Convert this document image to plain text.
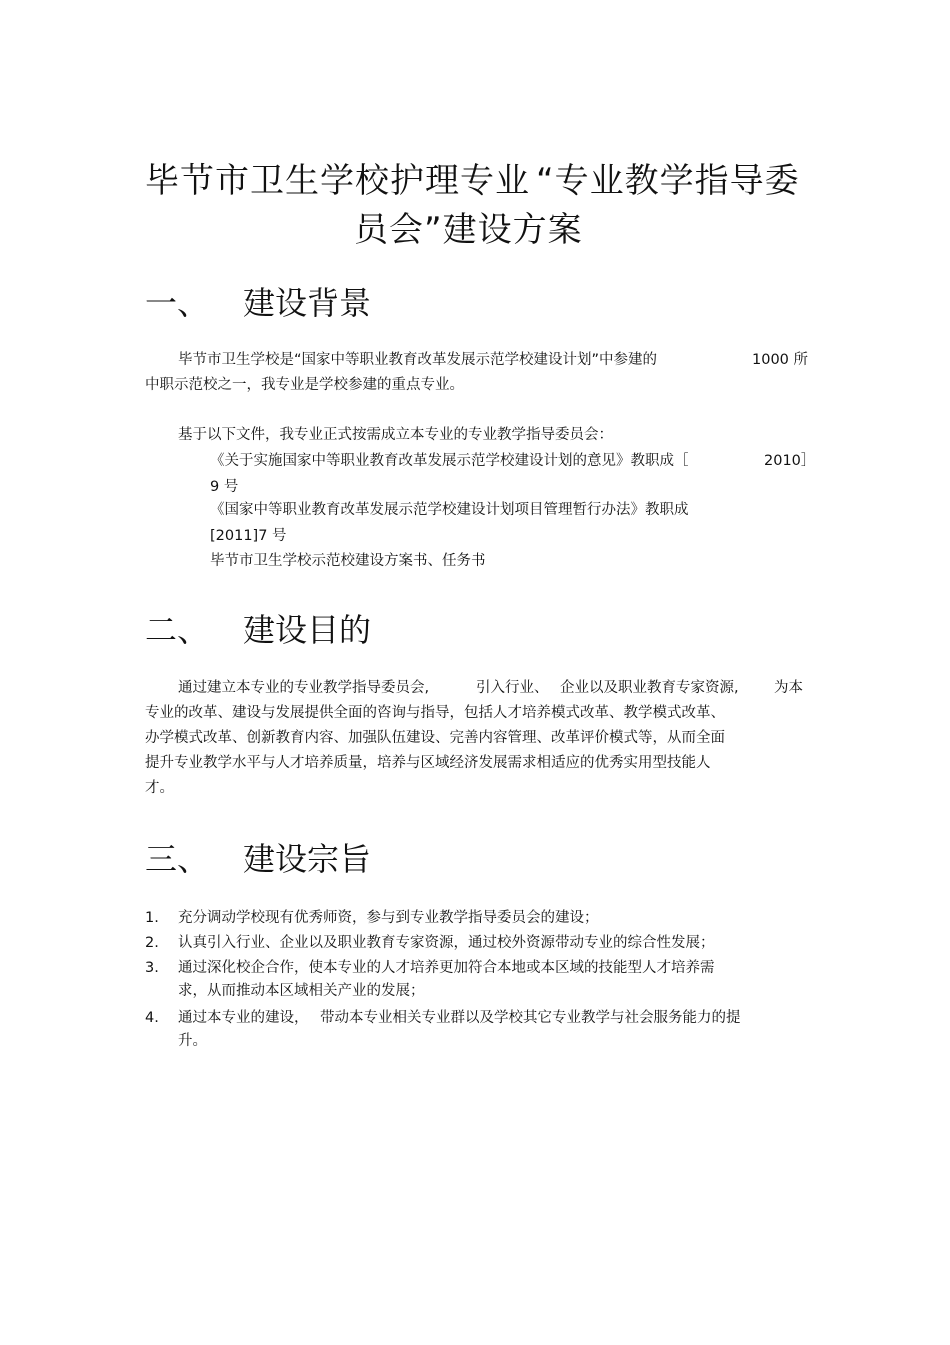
毕节市卫生学校护理专业 “专业教学指导委
员会”建设方案
一、 建设背景
毕节市卫生学校是“国家中等职业教育改革发展示范学校建设计划”中参建的	1000 所
中职示范校之一，我专业是学校参建的重点专业。
基于以下文件，我专业正式按需成立本专业的专业教学指导委员会：
《关于实施国家中等职业教育改革发展示范学校建设计划的意见》教职成［	2010］
9 号
《国家中等职业教育改革发展示范学校建设计划项目管理暂行办法》教职成
[2011]7 号
毕节市卫生学校示范校建设方案书、任务书
二、 建设目的
通过建立本专业的专业教学指导委员会,	引入行业、 企业以及职业教育专家资源, 为本
专业的改革、建设与发展提供全面的咨询与指导，包括人才培养模式改革、教学模式改革、
办学模式改革、创新教育内容、加强队伍建设、完善内容管理、改革评价模式等，从而全面
提升专业教学水平与人才培养质量，培养与区域经济发展需求相适应的优秀实用型技能人
才。
三、 建设宗旨
1. 充分调动学校现有优秀师资，参与到专业教学指导委员会的建设；
2. 认真引入行业、企业以及职业教育专家资源，通过校外资源带动专业的综合性发展；
3. 通过深化校企合作，使本专业的人才培养更加符合本地或本区域的技能型人才培养需
求，从而推动本区域相关产业的发展；
4. 通过本专业的建设， 带动本专业相关专业群以及学校其它专业教学与社会服务能力的提
升。
